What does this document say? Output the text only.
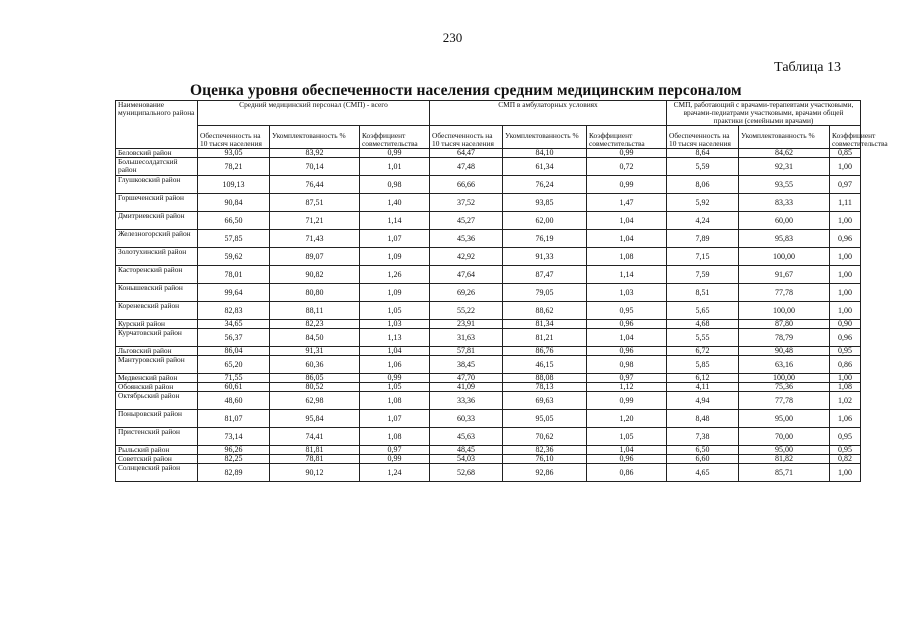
230
Таблица 13
Оценка уровня обеспеченности населения средним медицинским персоналом
Наименование муниципального района	Средний медицинский персонал (СМП) - всего			СМП в амбулаторных условиях			СМП, работающий с врачами-терапевтами участковыми, врачами-педиатрами участковыми, врачами общей практики (семейными врачами)		
	Обеспеченность на 10 тысяч населения	Укомплектованность %	Коэффициент совместительства	Обеспеченность на 10 тысяч населения	Укомплектованность %	Коэффициент совместительства	Обеспеченность на 10 тысяч населения	Укомплектованность %	Коэффициент совместительства
Беловский район	93,05	83,92	0,99	64,47	84,10	0,99	8,64	84,62	0,85
Большесолдатский район	78,21	70,14	1,01	47,48	61,34	0,72	5,59	92,31	1,00
Глушковский район	109,13	76,44	0,98	66,66	76,24	0,99	8,06	93,55	0,97
Горшеченский район	90,84	87,51	1,40	37,52	93,85	1,47	5,92	83,33	1,11
Дмитриевский район	66,50	71,21	1,14	45,27	62,00	1,04	4,24	60,00	1,00
Железногорский район	57,85	71,43	1,07	45,36	76,19	1,04	7,89	95,83	0,96
Золотухинский район	59,62	89,07	1,09	42,92	91,33	1,08	7,15	100,00	1,00
Касторенский район	78,01	90,82	1,26	47,64	87,47	1,14	7,59	91,67	1,00
Конышевский район	99,64	80,80	1,09	69,26	79,05	1,03	8,51	77,78	1,00
Кореневский район	82,83	88,11	1,05	55,22	88,62	0,95	5,65	100,00	1,00
Курский район	34,65	82,23	1,03	23,91	81,34	0,96	4,68	87,80	0,90
Курчатовский район	56,37	84,50	1,13	31,63	81,21	1,04	5,55	78,79	0,96
Льговский район	86,04	91,31	1,04	57,81	86,76	0,96	6,72	90,48	0,95
Мантуровский район	65,20	60,36	1,06	38,45	46,15	0,98	5,85	63,16	0,86
Медвенский район	71,55	86,05	0,99	47,70	88,08	0,97	6,12	100,00	1,00
Обоянский район	60,61	80,52	1,05	41,09	78,13	1,12	4,11	75,36	1,08
Октябрьский район	48,60	62,98	1,08	33,36	69,63	0,99	4,94	77,78	1,02
Поныровский район	81,07	95,84	1,07	60,33	95,05	1,20	8,48	95,00	1,06
Пристенский район	73,14	74,41	1,08	45,63	70,62	1,05	7,38	70,00	0,95
Рыльский район	96,26	81,81	0,97	48,45	82,36	1,04	6,50	95,00	0,95
Советский район	82,25	78,81	0,99	54,03	76,10	0,96	6,60	81,82	0,82
Солнцевский район	82,89	90,12	1,24	52,68	92,86	0,86	4,65	85,71	1,00
